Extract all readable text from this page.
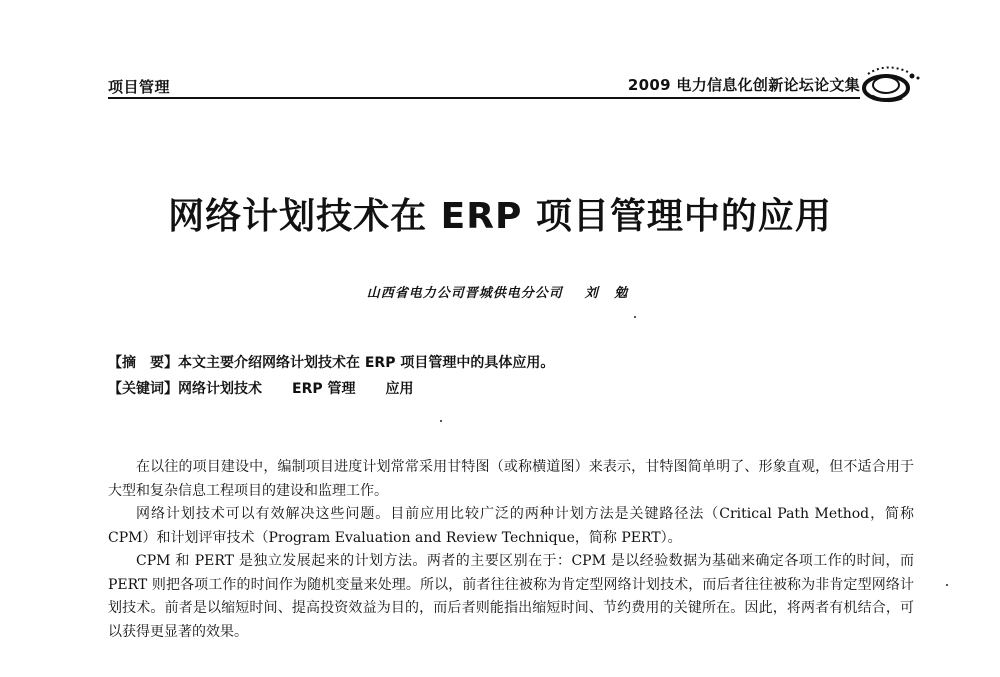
项目管理	2009 电力信息化创新论坛论文集
网络计划技术在 ERP 项目管理中的应用
山西省电力公司晋城供电分公司 刘 勉
【摘　要】本文主要介绍网络计划技术在 ERP 项目管理中的具体应用。
【关键词】网络计划技术 ERP 管理 应用

在以往的项目建设中，编制项目进度计划常常采用甘特图（或称横道图）来表示，甘特图简单明了、形象直观，但不适合用于大型和复杂信息工程项目的建设和监理工作。

网络计划技术可以有效解决这些问题。目前应用比较广泛的两种计划方法是关键路径法（Critical Path Method，简称 CPM）和计划评审技术（Program Evaluation and Review Technique，简称 PERT）。

CPM 和 PERT 是独立发展起来的计划方法。两者的主要区别在于：CPM 是以经验数据为基础来确定各项工作的时间，而 PERT 则把各项工作的时间作为随机变量来处理。所以，前者往往被称为肯定型网络计划技术，而后者往往被称为非肯定型网络计划技术。前者是以缩短时间、提高投资效益为目的，而后者则能指出缩短时间、节约费用的关键所在。因此，将两者有机结合，可以获得更显著的效果。
